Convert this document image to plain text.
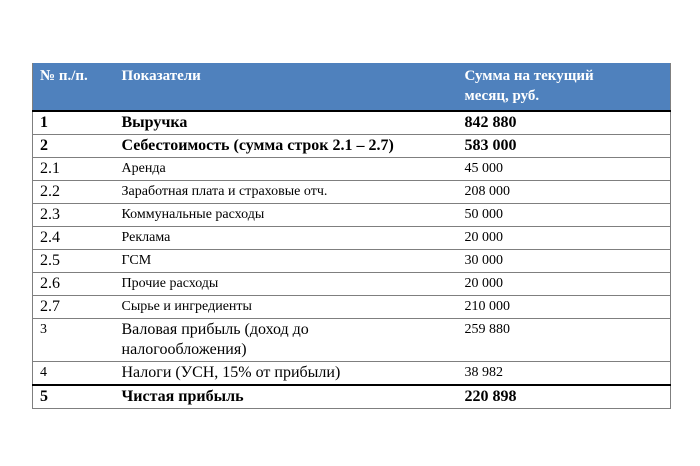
№ п./п.	Показатели	Сумма на текущий
месяц, руб.
1	Выручка	842 880
2	Себестоимость (сумма строк 2.1 – 2.7)	583 000
2.1	Аренда	45 000
2.2	Заработная плата и страховые отч.	208 000
2.3	Коммунальные расходы	50 000
2.4	Реклама	20 000
2.5	ГСМ	30 000
2.6	Прочие расходы	20 000
2.7	Сырье и ингредиенты	210 000
3	Валовая прибыль (доход до
налогообложения)	259 880
4	Налоги (УСН, 15% от прибыли)	38 982
5	Чистая прибыль	220 898
